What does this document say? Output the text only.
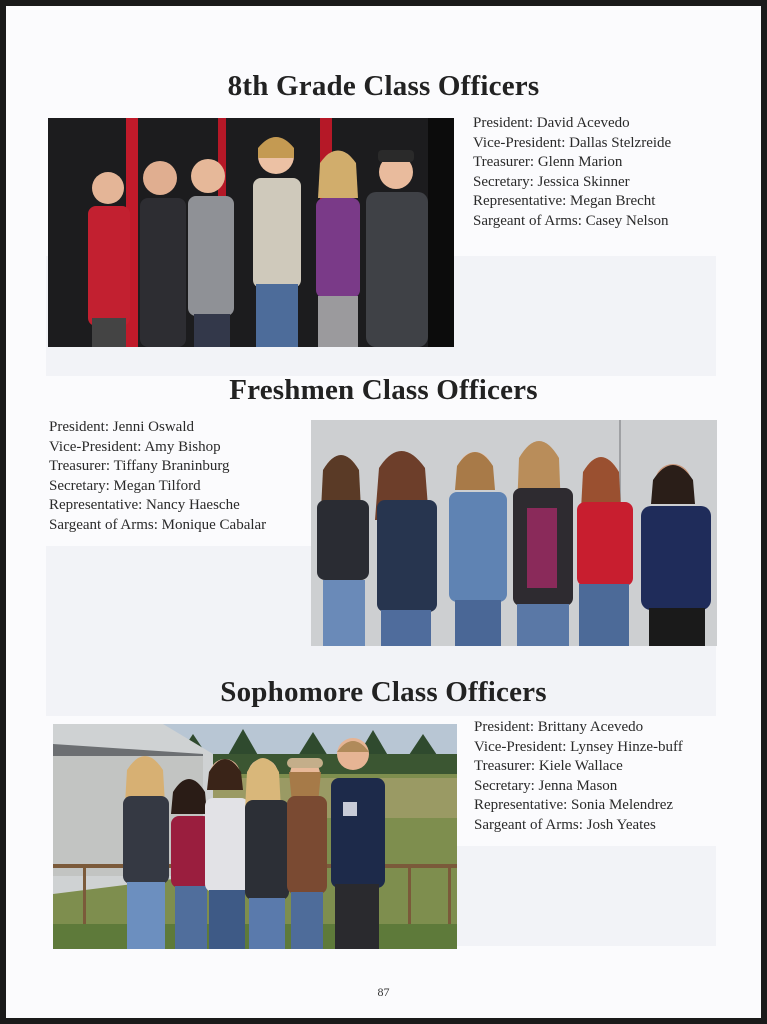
8th Grade Class Officers
President: David Acevedo
Vice-President: Dallas Stelzreide
Treasurer: Glenn Marion
Secretary: Jessica Skinner
Representative: Megan Brecht
Sargeant of Arms: Casey Nelson
Freshmen Class Officers
President: Jenni Oswald
Vice-President: Amy Bishop
Treasurer: Tiffany Braninburg
Secretary: Megan Tilford
Representative: Nancy Haesche
Sargeant of Arms: Monique Cabalar
Sophomore Class Officers
President: Brittany Acevedo
Vice-President: Lynsey Hinze-buff
Treasurer: Kiele Wallace
Secretary: Jenna Mason
Representative: Sonia Melendrez
Sargeant of Arms: Josh Yeates
87
